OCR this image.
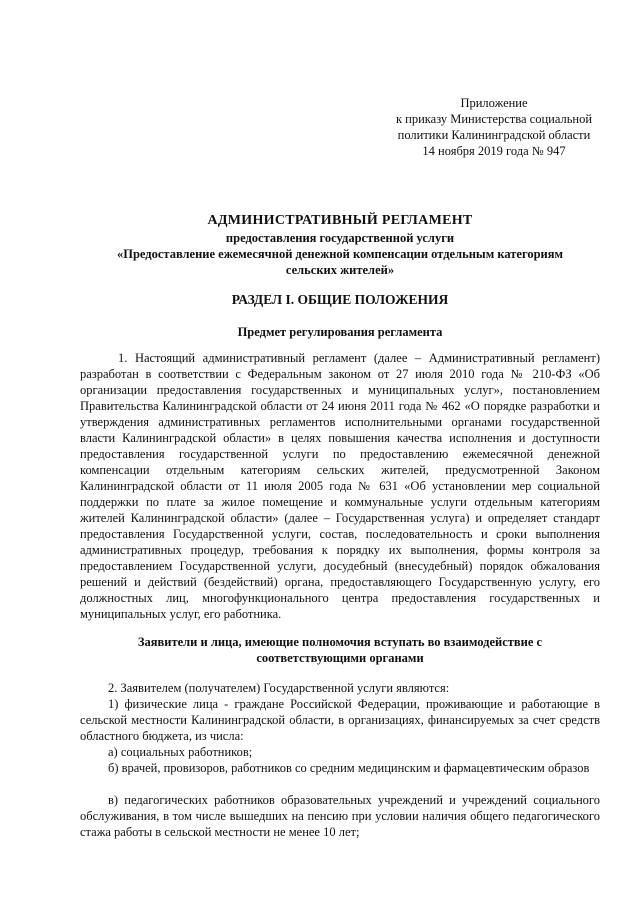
Приложение
к приказу Министерства социальной
политики Калининградской области
14 ноября 2019 года № 947
АДМИНИСТРАТИВНЫЙ РЕГЛАМЕНТ
предоставления государственной услуги
«Предоставление ежемесячной денежной компенсации отдельным категориям
сельских жителей»
РАЗДЕЛ I. ОБЩИЕ ПОЛОЖЕНИЯ
Предмет регулирования регламента

1. Настоящий административный регламент (далее – Административный регламент) разработан в соответствии с Федеральным законом от 27 июля 2010 года № 210-ФЗ «Об организации предоставления государственных и муниципальных услуг», постановлением Правительства Калининградской области от 24 июня 2011 года № 462 «О порядке разработки и утверждения административных регламентов исполнительными органами государственной власти Калининградской области» в целях повышения качества исполнения и доступности предоставления государственной услуги по предоставлению ежемесячной денежной компенсации отдельным категориям сельских жителей, предусмотренной Законом Калининградской области от 11 июля 2005 года № 631 «Об установлении мер социальной поддержки по плате за жилое помещение и коммунальные услуги отдельным категориям жителей Калининградской области» (далее – Государственная услуга) и определяет стандарт предоставления Государственной услуги, состав, последовательность и сроки выполнения административных процедур, требования к порядку их выполнения, формы контроля за предоставлением Государственной услуги, досудебный (внесудебный) порядок обжалования решений и действий (бездействий) органа, предоставляющего Государственную услугу, его должностных лиц, многофункционального центра предоставления государственных и муниципальных услуг, его работника.

Заявители и лица, имеющие полномочия вступать во взаимодействие с
соответствующими органами

2. Заявителем (получателем) Государственной услуги являются:

1) физические лица - граждане Российской Федерации, проживающие и работающие в сельской местности Калининградской области, в организациях, финансируемых за счет средств областного бюджета, из числа:

а) социальных работников;

б) врачей, провизоров, работников со средним медицинским и фармацевтическим образов

в) педагогических работников образовательных учреждений и учреждений социального обслуживания, в том числе вышедших на пенсию при условии наличия общего педагогического стажа работы в сельской местности не менее 10 лет;
